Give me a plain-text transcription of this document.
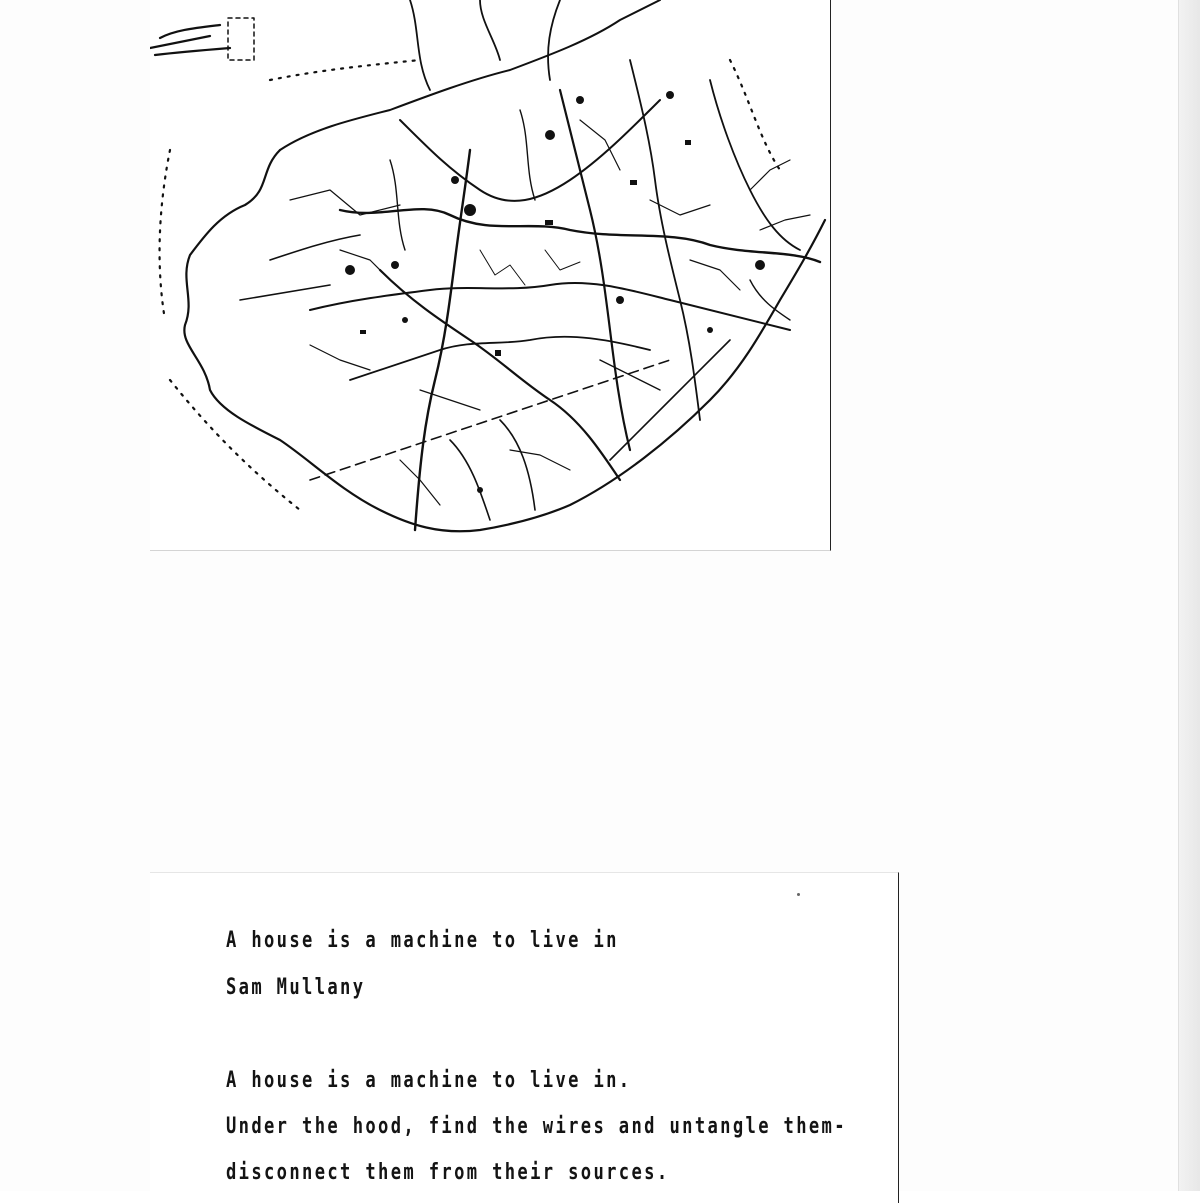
A house is a machine to live in

Sam Mullany

A house is a machine to live in.

Under the hood, find the wires and untangle them-

disconnect them from their sources.
